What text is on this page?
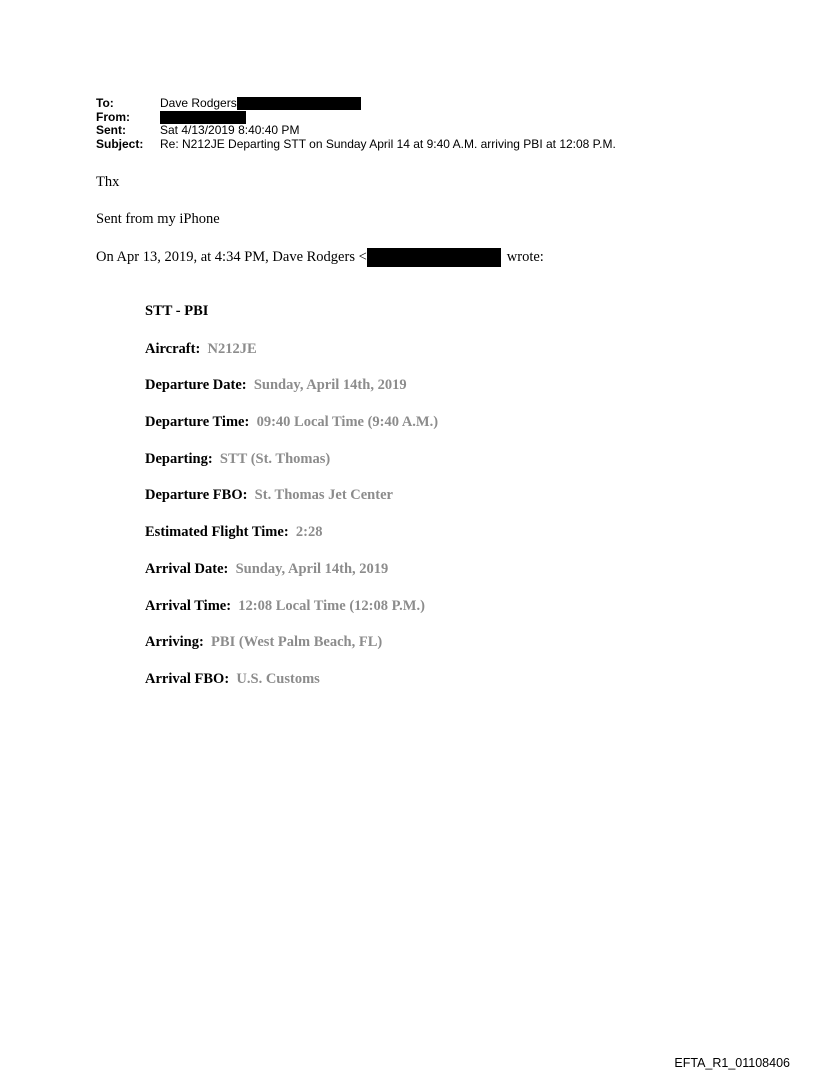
To:	Dave Rodgers
From:
Sent:	Sat 4/13/2019 8:40:40 PM
Subject:	Re: N212JE Departing STT on Sunday April 14 at 9:40 A.M. arriving PBI at 12:08 P.M.
Thx
Sent from my iPhone
On Apr 13, 2019, at 4:34 PM, Dave Rodgers <	wrote:
STT - PBI
Aircraft: N212JE
Departure Date: Sunday, April 14th, 2019
Departure Time: 09:40 Local Time (9:40 A.M.)
Departing: STT (St. Thomas)
Departure FBO: St. Thomas Jet Center
Estimated Flight Time: 2:28
Arrival Date: Sunday, April 14th, 2019
Arrival Time: 12:08 Local Time (12:08 P.M.)
Arriving: PBI (West Palm Beach, FL)
Arrival FBO: U.S. Customs
EFTA_R1_01108406
